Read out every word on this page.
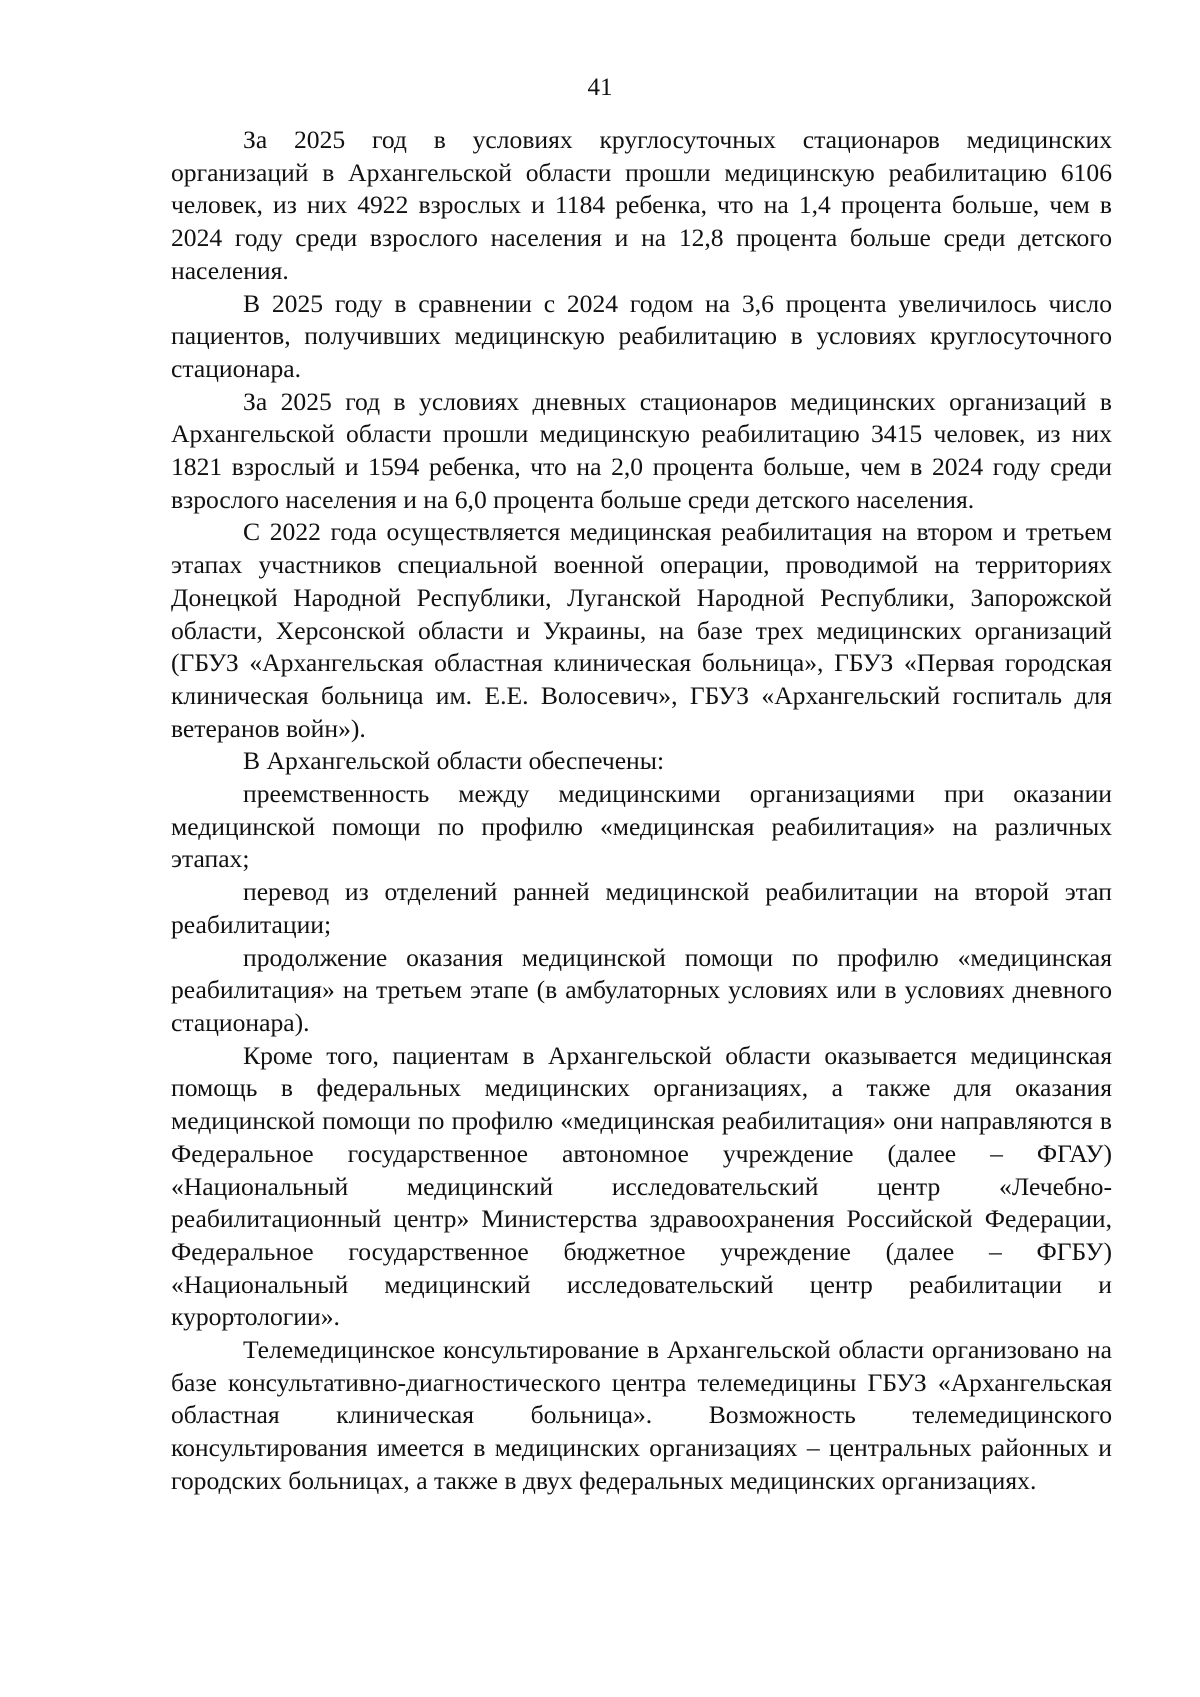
41

За 2025 год в условиях круглосуточных стационаров медицинских организаций в Архангельской области прошли медицинскую реабилитацию 6106 человек, из них 4922 взрослых и 1184 ребенка, что на 1,4 процента больше, чем в 2024 году среди взрослого населения и на 12,8 процента больше среди детского населения.

В 2025 году в сравнении с 2024 годом на 3,6 процента увеличилось число пациентов, получивших медицинскую реабилитацию в условиях круглосуточного стационара.

За 2025 год в условиях дневных стационаров медицинских организаций в Архангельской области прошли медицинскую реабилитацию 3415 человек, из них 1821 взрослый и 1594 ребенка, что на 2,0 процента больше, чем в 2024 году среди взрослого населения и на 6,0 процента больше среди детского населения.

С 2022 года осуществляется медицинская реабилитация на втором и третьем этапах участников специальной военной операции, проводимой на территориях Донецкой Народной Республики, Луганской Народной Республики, Запорожской области, Херсонской области и Украины, на базе трех медицинских организаций (ГБУЗ «Архангельская областная клиническая больница», ГБУЗ «Первая городская клиническая больница им. Е.Е. Волосевич», ГБУЗ «Архангельский госпиталь для ветеранов войн»).

В Архангельской области обеспечены:

преемственность между медицинскими организациями при оказании медицинской помощи по профилю «медицинская реабилитация» на различных этапах;

перевод из отделений ранней медицинской реабилитации на второй этап реабилитации;

продолжение оказания медицинской помощи по профилю «медицинская реабилитация» на третьем этапе (в амбулаторных условиях или в условиях дневного стационара).

Кроме того, пациентам в Архангельской области оказывается медицинская помощь в федеральных медицинских организациях, а также для оказания медицинской помощи по профилю «медицинская реабилитация» они направляются в Федеральное государственное автономное учреждение (далее – ФГАУ) «Национальный медицинский исследовательский центр «Лечебно-реабилитационный центр» Министерства здравоохранения Российской Федерации, Федеральное государственное бюджетное учреждение (далее – ФГБУ) «Национальный медицинский исследовательский центр реабилитации и курортологии».

Телемедицинское консультирование в Архангельской области организовано на базе консультативно-диагностического центра телемедицины ГБУЗ «Архангельская областная клиническая больница». Возможность телемедицинского консультирования имеется в медицинских организациях – центральных районных и городских больницах, а также в двух федеральных медицинских организациях.
